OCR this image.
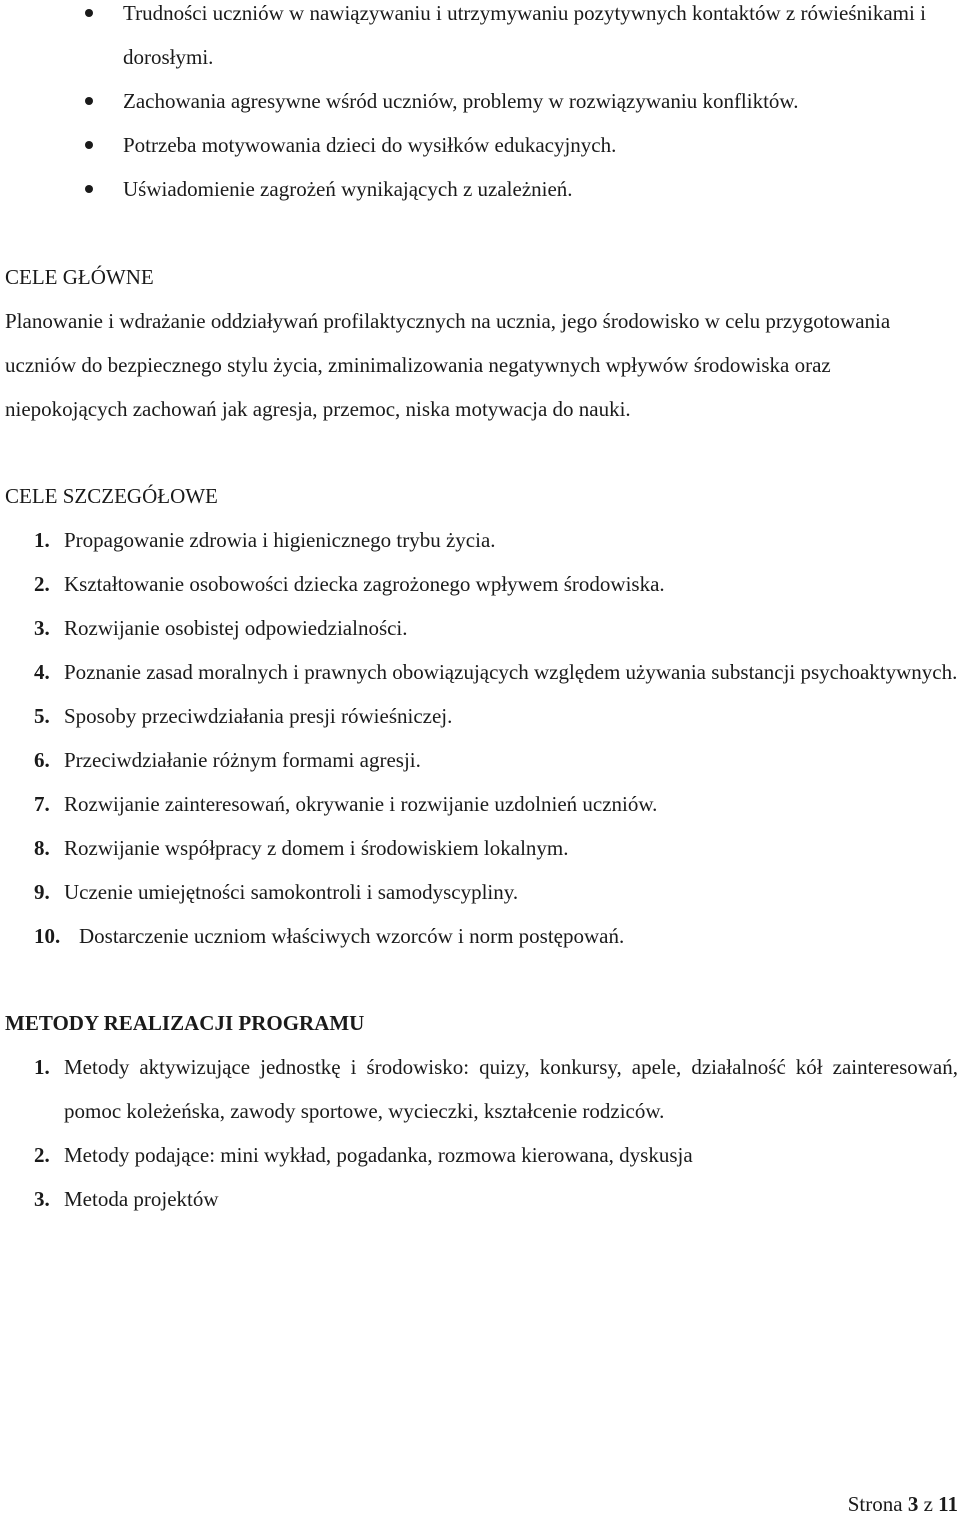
Trudności uczniów w nawiązywaniu i utrzymywaniu pozytywnych kontaktów z rówieśnikami i dorosłymi.
Zachowania agresywne wśród uczniów, problemy w rozwiązywaniu konfliktów.
Potrzeba motywowania dzieci do wysiłków edukacyjnych.
Uświadomienie zagrożeń wynikających z uzależnień.
CELE GŁÓWNE

Planowanie i wdrażanie oddziaływań profilaktycznych na ucznia, jego środowisko w celu przygotowania uczniów do bezpiecznego stylu życia, zminimalizowania negatywnych wpływów środowiska oraz niepokojących zachowań jak agresja, przemoc, niska motywacja do nauki.

CELE SZCZEGÓŁOWE
1. Propagowanie zdrowia i higienicznego trybu życia.
2. Kształtowanie osobowości dziecka zagrożonego wpływem środowiska.
3. Rozwijanie osobistej odpowiedzialności.
4. Poznanie zasad moralnych i prawnych obowiązujących względem używania substancji psychoaktywnych.
5. Sposoby przeciwdziałania presji rówieśniczej.
6. Przeciwdziałanie różnym formami agresji.
7. Rozwijanie zainteresowań, okrywanie i rozwijanie uzdolnień uczniów.
8. Rozwijanie współpracy z domem i środowiskiem lokalnym.
9. Uczenie umiejętności samokontroli i samodyscypliny.
10. Dostarczenie uczniom właściwych wzorców i norm postępowań.
METODY REALIZACJI PROGRAMU
1. Metody aktywizujące jednostkę i środowisko: quizy, konkursy, apele, działalność kół zainteresowań, pomoc koleżeńska, zawody sportowe, wycieczki, kształcenie rodziców.
2. Metody podające: mini wykład, pogadanka, rozmowa kierowana, dyskusja
3. Metoda projektów
Strona 3 z 11
